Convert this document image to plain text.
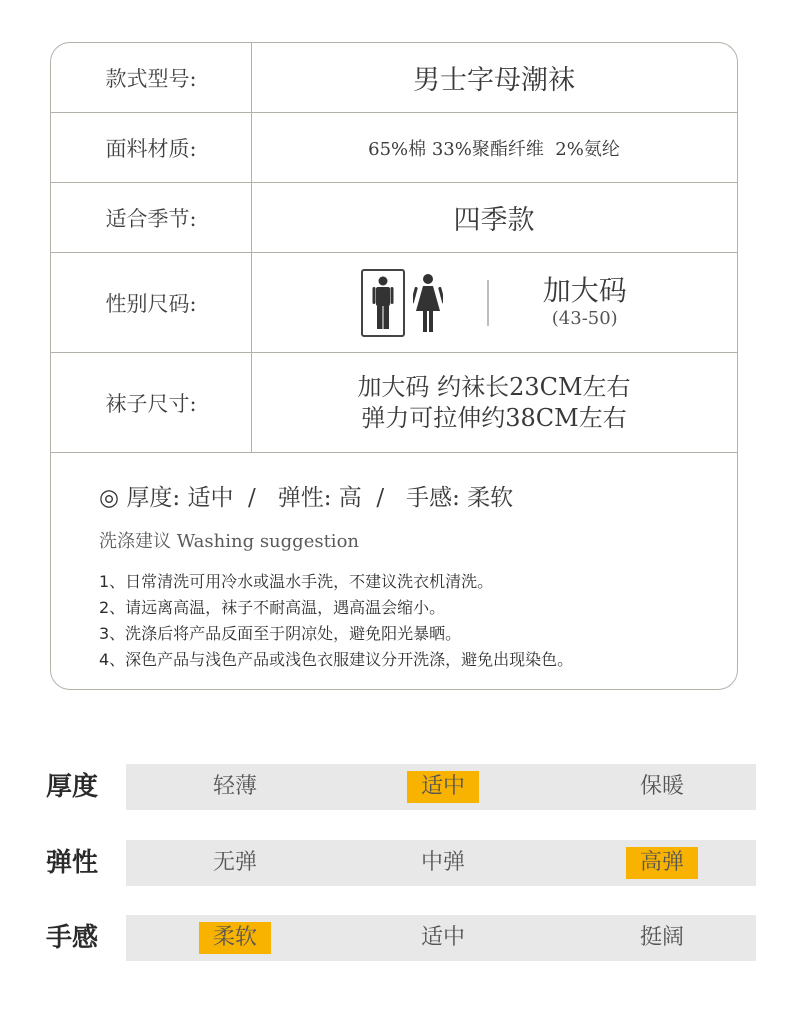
款式型号:	男士字母潮袜
面料材质:	65%棉 33%聚酯纤维  2%氨纶
适合季节:	四季款
性别尺码:	加大码
(43-50)
袜子尺寸:
加大码 约袜长23CM左右
弹力可拉伸约38CM左右
◎ 厚度: 适中  /   弹性: 高  /   手感: 柔软
洗涤建议 Washing suggestion
1、日常清洗可用冷水或温水手洗，不建议洗衣机清洗。
2、请远离高温，袜子不耐高温，遇高温会缩小。
3、洗涤后将产品反面至于阴凉处，避免阳光暴晒。
4、深色产品与浅色产品或浅色衣服建议分开洗涤，避免出现染色。
厚度	轻薄	适中	保暖
弹性	无弹	中弹	高弹
手感	柔软	适中	挺阔
